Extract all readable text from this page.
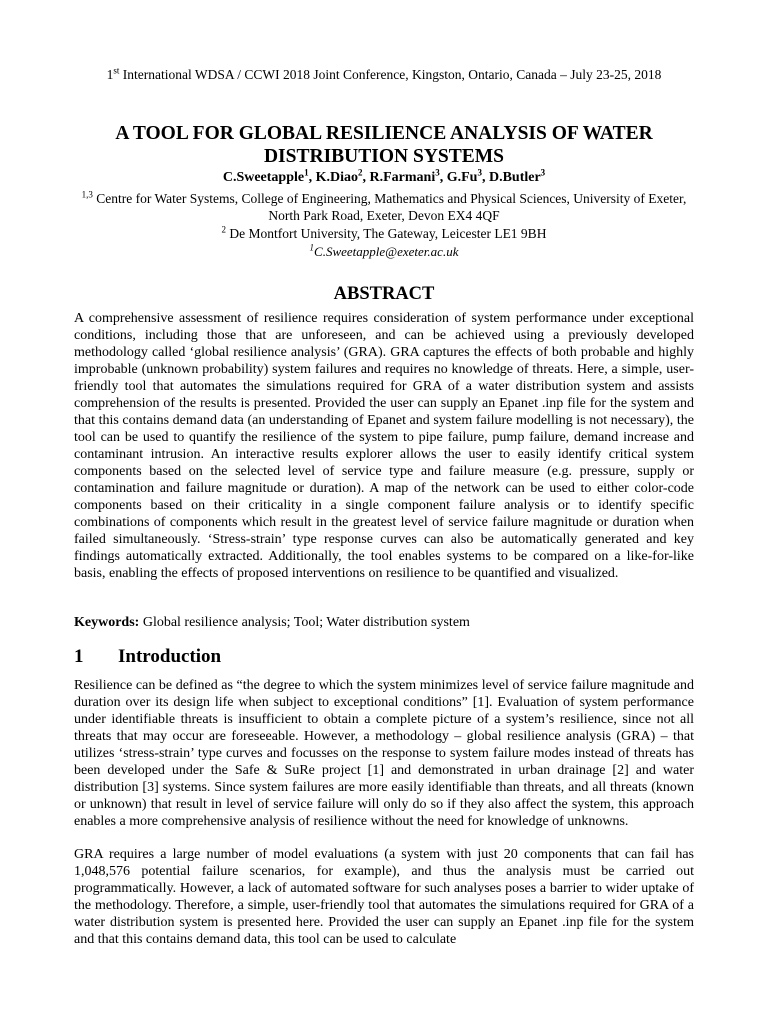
1st International WDSA / CCWI 2018 Joint Conference, Kingston, Ontario, Canada – July 23-25, 2018
A TOOL FOR GLOBAL RESILIENCE ANALYSIS OF WATER DISTRIBUTION SYSTEMS
C.Sweetapple$^1$, K.Diao$^2$, R.Farmani$^3$, G.Fu$^3$, D.Butler$^3$
$^{1,3}$ Centre for Water Systems, College of Engineering, Mathematics and Physical Sciences, University of Exeter, North Park Road, Exeter, Devon EX4 4QF
$^2$ De Montfort University, The Gateway, Leicester LE1 9BH
$^1$C.Sweetapple@exeter.ac.uk
ABSTRACT
A comprehensive assessment of resilience requires consideration of system performance under exceptional conditions, including those that are unforeseen, and can be achieved using a previously developed methodology called ‘global resilience analysis’ (GRA). GRA captures the effects of both probable and highly improbable (unknown probability) system failures and requires no knowledge of threats. Here, a simple, user-friendly tool that automates the simulations required for GRA of a water distribution system and assists comprehension of the results is presented. Provided the user can supply an Epanet .inp file for the system and that this contains demand data (an understanding of Epanet and system failure modelling is not necessary), the tool can be used to quantify the resilience of the system to pipe failure, pump failure, demand increase and contaminant intrusion. An interactive results explorer allows the user to easily identify critical system components based on the selected level of service type and failure measure (e.g. pressure, supply or contamination and failure magnitude or duration). A map of the network can be used to either color-code components based on their criticality in a single component failure analysis or to identify specific combinations of components which result in the greatest level of service failure magnitude or duration when failed simultaneously. ‘Stress-strain’ type response curves can also be automatically generated and key findings automatically extracted. Additionally, the tool enables systems to be compared on a like-for-like basis, enabling the effects of proposed interventions on resilience to be quantified and visualized.
Keywords: Global resilience analysis; Tool; Water distribution system
1 Introduction
Resilience can be defined as “the degree to which the system minimizes level of service failure magnitude and duration over its design life when subject to exceptional conditions” [1]. Evaluation of system performance under identifiable threats is insufficient to obtain a complete picture of a system’s resilience, since not all threats that may occur are foreseeable. However, a methodology – global resilience analysis (GRA) – that utilizes ‘stress-strain’ type curves and focusses on the response to system failure modes instead of threats has been developed under the Safe & SuRe project [1] and demonstrated in urban drainage [2] and water distribution [3] systems. Since system failures are more easily identifiable than threats, and all threats (known or unknown) that result in level of service failure will only do so if they also affect the system, this approach enables a more comprehensive analysis of resilience without the need for knowledge of unknowns.
GRA requires a large number of model evaluations (a system with just 20 components that can fail has 1,048,576 potential failure scenarios, for example), and thus the analysis must be carried out programmatically. However, a lack of automated software for such analyses poses a barrier to wider uptake of the methodology. Therefore, a simple, user-friendly tool that automates the simulations required for GRA of a water distribution system is presented here. Provided the user can supply an Epanet .inp file for the system and that this contains demand data, this tool can be used to calculate
